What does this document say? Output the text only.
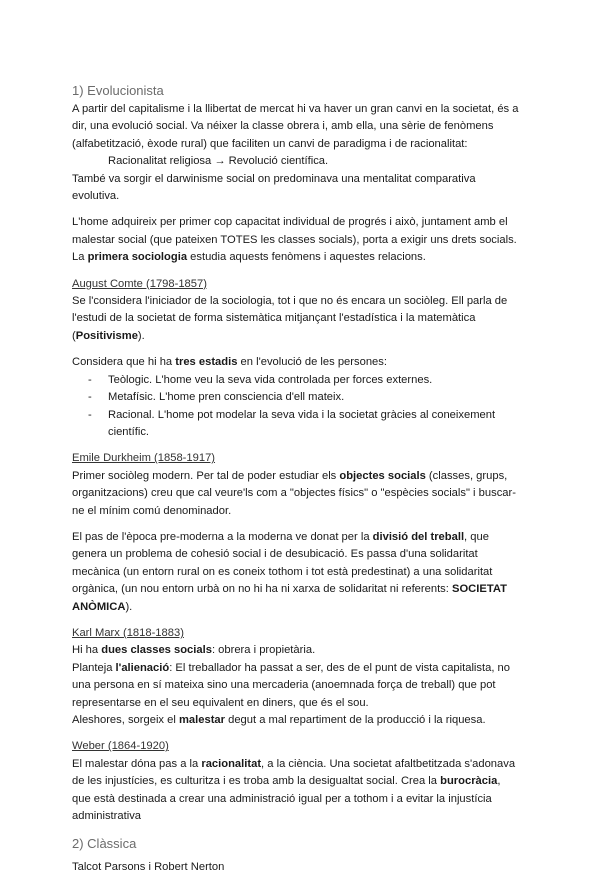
1) Evolucionista

A partir del capitalisme i la llibertat de mercat hi va haver un gran canvi en la societat, és a dir, una evolució social. Va néixer la classe obrera i, amb ella, una sèrie de fenòmens (alfabetització, èxode rural) que faciliten un canvi de paradigma i de racionalitat:

Racionalitat religiosa → Revolució científica.

També va sorgir el darwinisme social on predominava una mentalitat comparativa evolutiva.

L'home adquireix per primer cop capacitat individual de progrés i això, juntament amb el malestar social (que pateixen TOTES les classes socials), porta a exigir uns drets socials.

La primera sociologia estudia aquests fenòmens i aquestes relacions.

August Comte (1798-1857)

Se l'considera l'iniciador de la sociologia, tot i que no és encara un sociòleg. Ell parla de l'estudi de la societat de forma sistemàtica mitjançant l'estadística i la matemàtica (Positivisme).

Considera que hi ha tres estadis en l'evolució de les persones:

- Teòlogic. L'home veu la seva vida controlada per forces externes.
- Metafísic. L'home pren consciencia d'ell mateix.
- Racional. L'home pot modelar la seva vida i la societat gràcies al coneixement científic.

Emile Durkheim (1858-1917)

Primer sociòleg modern. Per tal de poder estudiar els objectes socials (classes, grups, organitzacions) creu que cal veure'ls com a "objectes físics" o "espècies socials" i buscar-ne el mínim comú denominador.

El pas de l'època pre-moderna a la moderna ve donat per la divisió del treball, que genera un problema de cohesió social i de desubicació. Es passa d'una solidaritat mecànica (un entorn rural on es coneix tothom i tot està predestinat) a una solidaritat orgànica, (un nou entorn urbà on no hi ha ni xarxa de solidaritat ni referents: SOCIETAT ANÒMICA).

Karl Marx (1818-1883)

Hi ha dues classes socials: obrera i propietària.

Planteja l'alienació: El treballador ha passat a ser, des de el punt de vista capitalista, no una persona en sí mateixa sino una mercaderia (anoemnada força de treball) que pot representarse en el seu equivalent en diners, que és el sou.

Aleshores, sorgeix el malestar degut a mal repartiment de la producció i la riquesa.

Weber (1864-1920)

El malestar dóna pas a la racionalitat, a la ciència. Una societat afaltbetitzada s'adonava de les injustícies, es culturitza i es troba amb la desigualtat social. Crea la burocràcia, que està destinada a crear una administració igual per a tothom i a evitar la injustícia administrativa

2) Clàssica

Talcot Parsons i Robert Nerton
